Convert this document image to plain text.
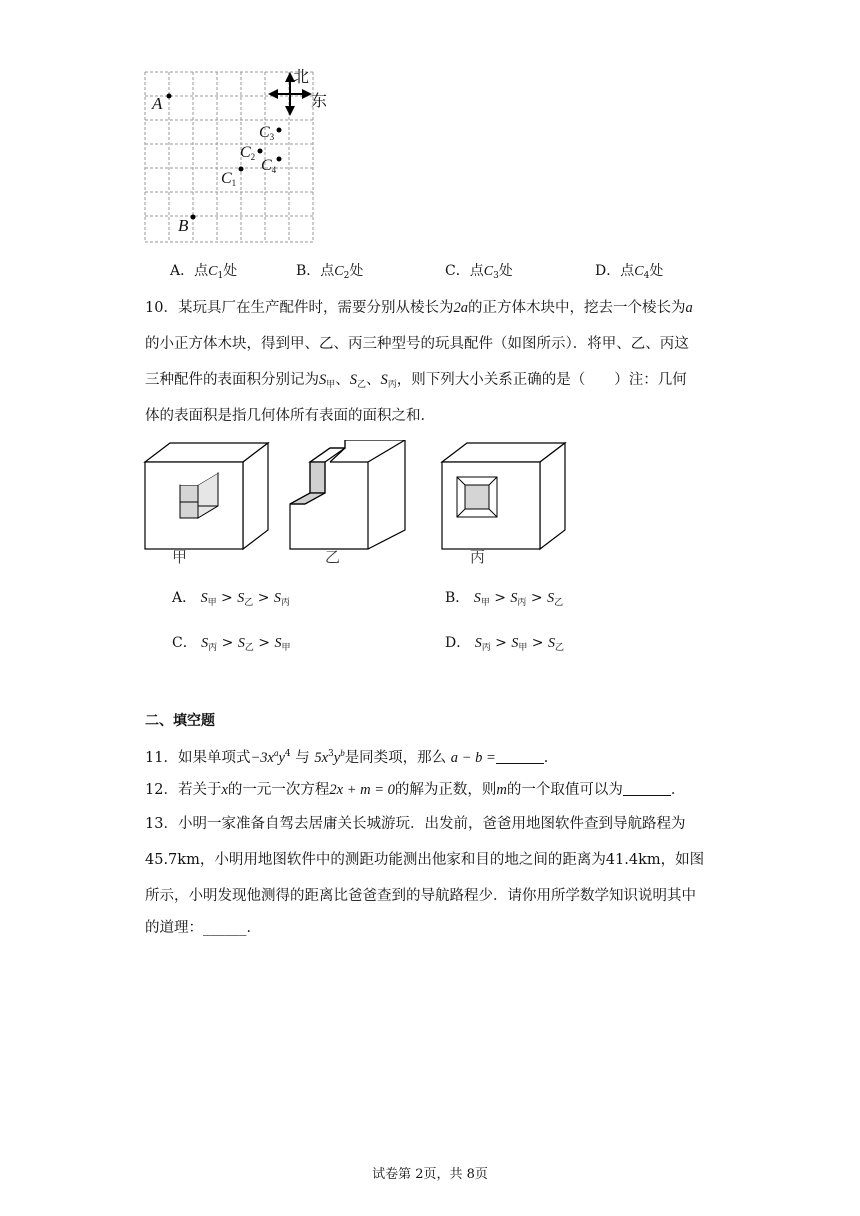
北
东
A
B
$C_1$
$C_2$
$C_3$
$C_4$
A．点$C_1$处	B．点$C_2$处	C．点$C_3$处	D．点$C_4$处
10．某玩具厂在生产配件时，需要分别从棱长为2a的正方体木块中，挖去一个棱长为a
的小正方体木块，得到甲、乙、丙三种型号的玩具配件（如图所示）．将甲、乙、丙这
三种配件的表面积分别记为$S_甲$、$S_乙$、$S_丙$，则下列大小关系正确的是（　　）注：几何
体的表面积是指几何体所有表面的面积之和．
甲	乙	丙
A． $S_甲 > S_乙 > S_丙$	B． $S_甲 > S_丙 > S_乙$
C． $S_丙 > S_乙 > S_甲$	D． $S_丙 > S_甲 > S_乙$
二、填空题
11．如果单项式$-3x^ay^4$ 与 $5x^3y^b$是同类项，那么 a − b =	．
12．若关于x的一元一次方程2x + m = 0的解为正数，则m的一个取值可以为	．
13．小明一家准备自驾去居庸关长城游玩．出发前，爸爸用地图软件查到导航路程为
45.7km，小明用地图软件中的测距功能测出他家和目的地之间的距离为41.4km，如图
所示，小明发现他测得的距离比爸爸查到的导航路程少．请你用所学数学知识说明其中
的道理：______．
试卷第 2页，共 8页
